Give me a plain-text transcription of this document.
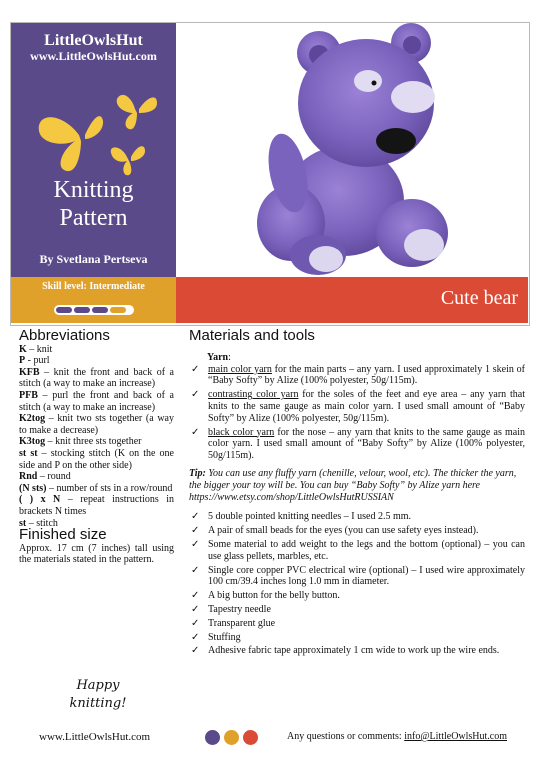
LittleOwlsHut
www.LittleOwlsHut.com
Knitting
Pattern
By Svetlana Pertseva
Skill level: Intermediate
Cute bear
Abbreviations

K – knit

P - purl

KFB – knit the front and back of a stitch (a way to make an increase)

PFB – purl the front and back of a stitch (a way to make an increase)

K2tog – knit two sts together (a way to make a decrease)

K3tog – knit three sts together

st st – stocking stitch (K on the one side and P on the other side)

Rnd – round

(N sts) – number of sts in a row/round

( ) x N – repeat instructions in brackets N times

st – stitch

Finished size

Approx. 17 cm (7 inches) tall using the materials stated in the pattern.

Happy
knitting!
Materials and tools
Yarn:
✓ main color yarn for the main parts – any yarn. I used approximately 1 skein of “Baby Softy” by Alize (100% polyester, 50g/115m).
✓ contrasting color yarn for the soles of the feet and eye area – any yarn that knits to the same gauge as main color yarn. I used small amount of “Baby Softy” by Alize (100% polyester, 50g/115m).
✓ black color yarn for the nose – any yarn that knits to the same gauge as main color yarn. I used small amount of “Baby Softy” by Alize (100% polyester, 50g/115m).
Tip: You can use any fluffy yarn (chenille, velour, wool, etc). The thicker the yarn, the bigger your toy will be. You can buy “Baby Softy” by Alize yarn here
https://www.etsy.com/shop/LittleOwlsHutRUSSIAN
✓ 5 double pointed knitting needles – I used 2.5 mm.
✓ A pair of small beads for the eyes (you can use safety eyes instead).
✓ Some material to add weight to the legs and the bottom (optional) – you can use glass pellets, marbles, etc.
✓ Single core copper PVC electrical wire (optional) – I used wire approximately 100 cm/39.4 inches long 1.0 mm in diameter.
✓ A big button for the belly button.
✓ Tapestry needle
✓ Transparent glue
✓ Stuffing
✓ Adhesive fabric tape approximately 1 cm wide to work up the wire ends.
www.LittleOwlsHut.com	Any questions or comments: info@LittleOwlsHut.com
